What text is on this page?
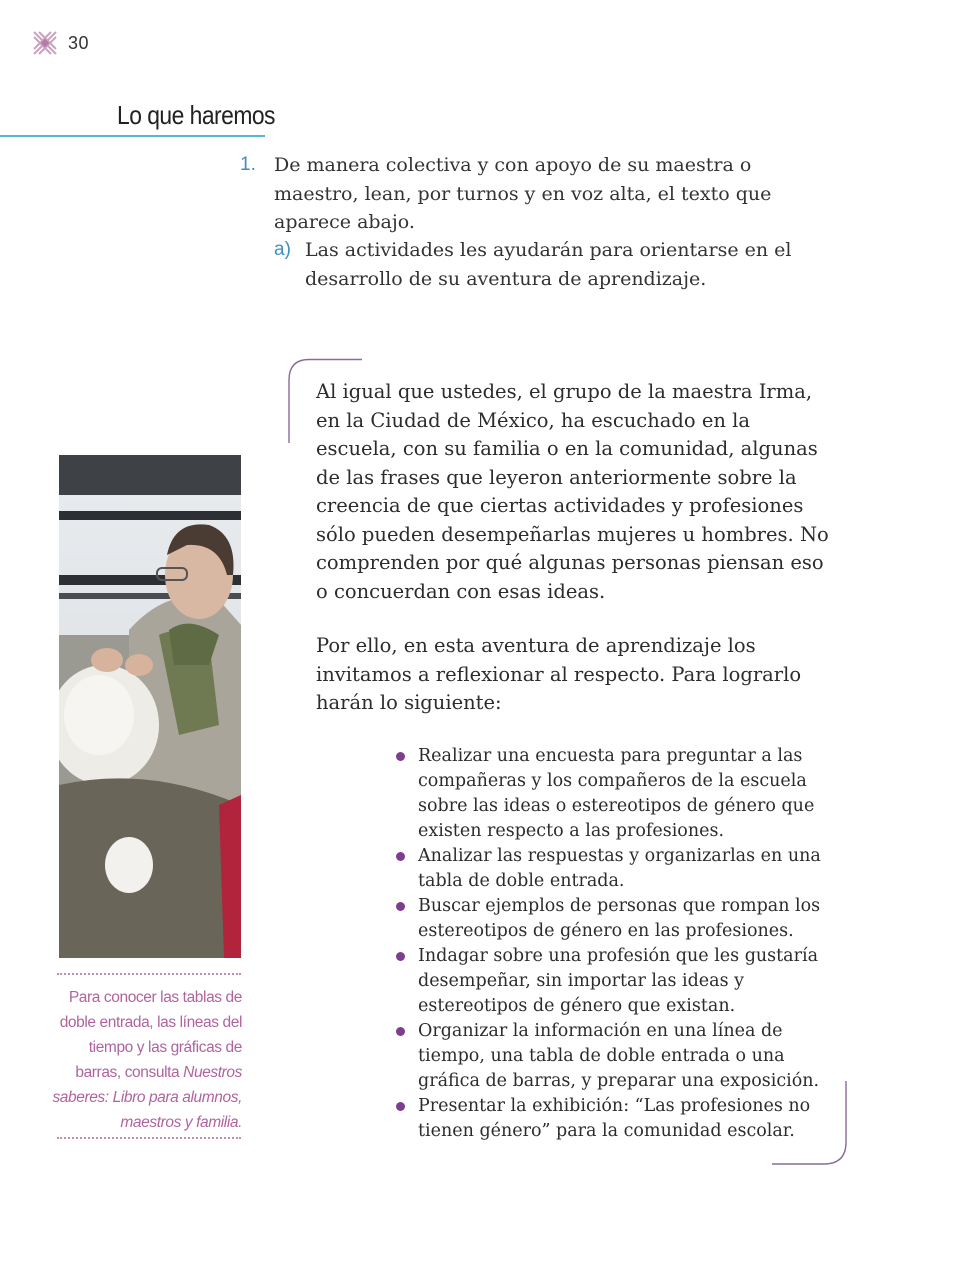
30
Lo que haremos
1. De manera colectiva y con apoyo de su maestra o maestro, lean, por turnos y en voz alta, el texto que aparece abajo.
a) Las actividades les ayudarán para orientarse en el desarrollo de su aventura de aprendizaje.
Para conocer las tablas de doble entrada, las líneas del tiempo y las gráficas de barras, consulta Nuestros saberes: Libro para alumnos, maestros y familia.
Al igual que ustedes, el grupo de la maestra Irma, en la Ciudad de México, ha escuchado en la escuela, con su familia o en la comunidad, algunas de las frases que leyeron anteriormente sobre la creencia de que ciertas actividades y profesiones sólo pueden desempeñarlas mujeres u hombres. No comprenden por qué algunas personas piensan eso o concuerdan con esas ideas.
Por ello, en esta aventura de aprendizaje los invitamos a reflexionar al respecto. Para lograrlo harán lo siguiente:
Realizar una encuesta para preguntar a las compañeras y los compañeros de la escuela sobre las ideas o estereotipos de género que existen respecto a las profesiones.
Analizar las respuestas y organizarlas en una tabla de doble entrada.
Buscar ejemplos de personas que rompan los estereotipos de género en las profesiones.
Indagar sobre una profesión que les gustaría desempeñar, sin importar las ideas y estereotipos de género que existan.
Organizar la información en una línea de tiempo, una tabla de doble entrada o una gráfica de barras, y preparar una exposición.
Presentar la exhibición: “Las profesiones no tienen género” para la comunidad escolar.
